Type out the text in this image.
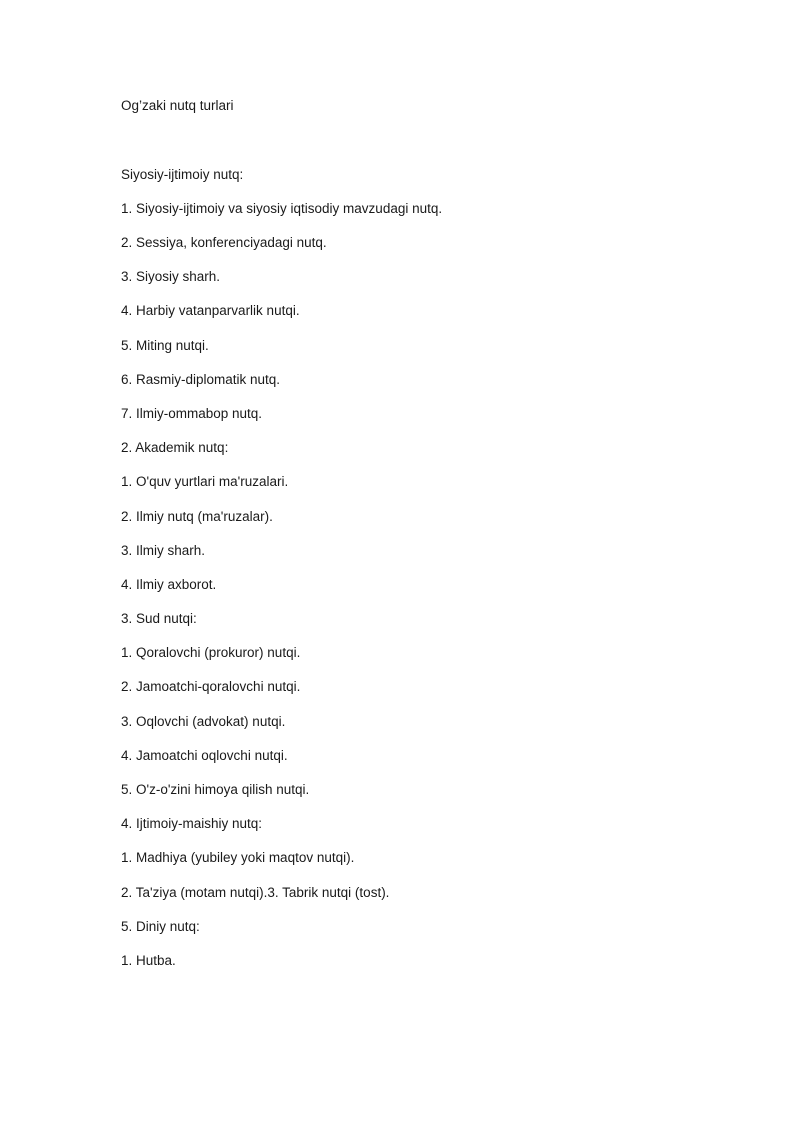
Og’zaki nutq turlari

Siyosiy-ijtimoiy nutq:

1. Siyosiy-ijtimoiy va siyosiy iqtisodiy mavzudagi nutq.

2. Sessiya, konferenciyadagi nutq.

3. Siyosiy sharh.

4. Harbiy vatanparvarlik nutqi.

5. Miting nutqi.

6. Rasmiy-diplomatik nutq.

7. Ilmiy-ommabop nutq.

2. Akademik nutq:

1. O'quv yurtlari ma'ruzalari.

2. Ilmiy nutq (ma'ruzalar).

3. Ilmiy sharh.

4. Ilmiy axborot.

3. Sud nutqi:

1. Qoralovchi (prokuror) nutqi.

2. Jamoatchi-qoralovchi nutqi.

3. Oqlovchi (advokat) nutqi.

4. Jamoatchi oqlovchi nutqi.

5. O'z-o'zini himoya qilish nutqi.

4. Ijtimoiy-maishiy nutq:

1. Madhiya (yubiley yoki maqtov nutqi).

2. Ta'ziya (motam nutqi).3. Tabrik nutqi (tost).

5. Diniy nutq:

1. Hutba.
